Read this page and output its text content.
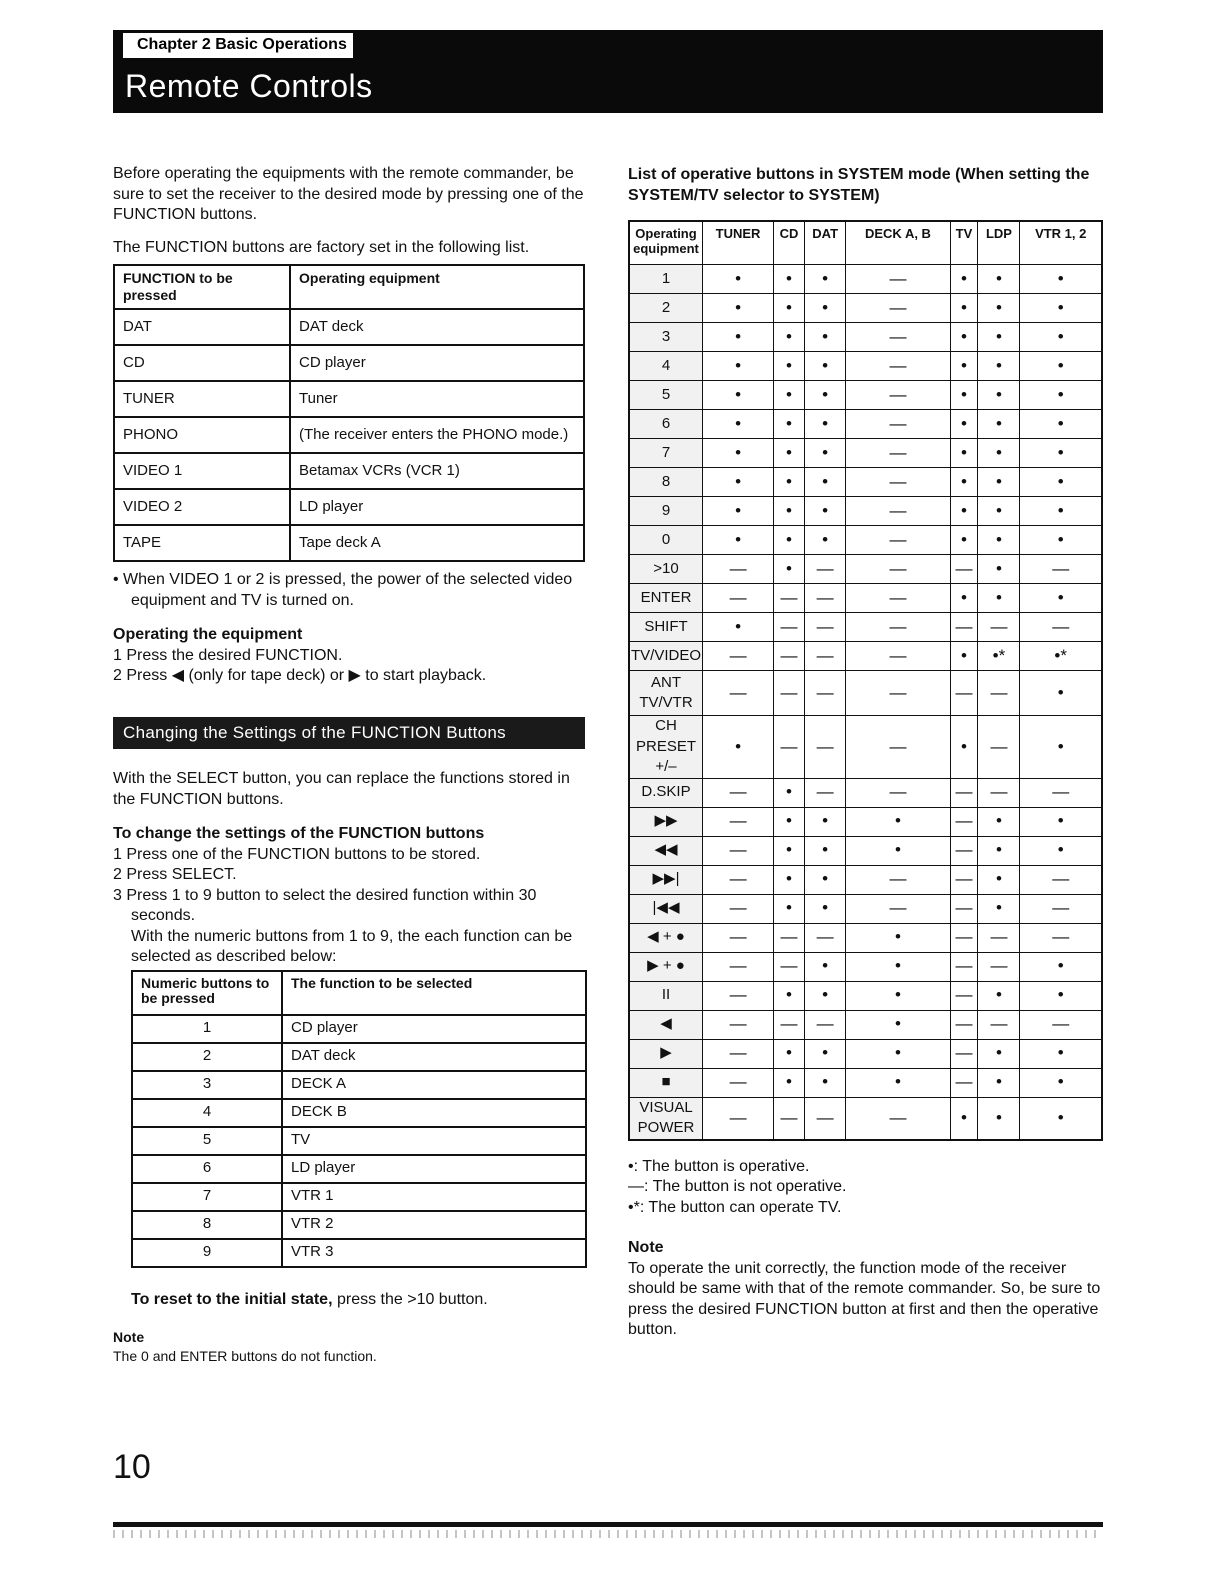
Chapter 2 Basic Operations
Remote Controls

Before operating the equipments with the remote commander, be sure to set the receiver to the desired mode by pressing one of the FUNCTION buttons.

The FUNCTION buttons are factory set in the following list.

FUNCTION to be pressed	Operating equipment
DAT	DAT deck
CD	CD player
TUNER	Tuner
PHONO	(The receiver enters the PHONO mode.)
VIDEO 1	Betamax VCRs (VCR 1)
VIDEO 2	LD player
TAPE	Tape deck A

• When VIDEO 1 or 2 is pressed, the power of the selected video equipment and TV is turned on.

Operating the equipment

1 Press the desired FUNCTION.
2 Press ◀ (only for tape deck) or ▶ to start playback.
Changing the Settings of the FUNCTION Buttons

With the SELECT button, you can replace the functions stored in the FUNCTION buttons.

To change the settings of the FUNCTION buttons

1 Press one of the FUNCTION buttons to be stored.
2 Press SELECT.
3 Press 1 to 9 button to select the desired function within 30 seconds.

With the numeric buttons from 1 to 9, the each function can be selected as described below:

Numeric buttons to be pressed	The function to be selected
1	CD player
2	DAT deck
3	DECK A
4	DECK B
5	TV
6	LD player
7	VTR 1
8	VTR 2
9	VTR 3

To reset to the initial state, press the >10 button.

Note
The 0 and ENTER buttons do not function.

List of operative buttons in SYSTEM mode (When setting the SYSTEM/TV selector to SYSTEM)

Operating equipment	TUNER	CD	DAT	DECK A, B	TV	LDP	VTR 1, 2
1	•	•	•	—	•	•	•
2	•	•	•	—	•	•	•
3	•	•	•	—	•	•	•
4	•	•	•	—	•	•	•
5	•	•	•	—	•	•	•
6	•	•	•	—	•	•	•
7	•	•	•	—	•	•	•
8	•	•	•	—	•	•	•
9	•	•	•	—	•	•	•
0	•	•	•	—	•	•	•
>10	—	•	—	—	—	•	—
ENTER	—	—	—	—	•	•	•
SHIFT	•	—	—	—	—	—	—
TV/VIDEO	—	—	—	—	•	•*	•*
ANT TV/VTR	—	—	—	—	—	—	•
CH PRESET +/–	•	—	—	—	•	—	•
D.SKIP	—	•	—	—	—	—	—
▶▶	—	•	•	•	—	•	•
◀◀	—	•	•	•	—	•	•
▶▶|	—	•	•	—	—	•	—
|◀◀	—	•	•	—	—	•	—
◀ + ●	—	—	—	•	—	—	—
▶ + ●	—	—	•	•	—	—	•
II	—	•	•	•	—	•	•
◀	—	—	—	•	—	—	—
▶	—	•	•	•	—	•	•
■	—	•	•	•	—	•	•
VISUAL POWER	—	—	—	—	•	•	•
•: The button is operative.
—: The button is not operative.
•*: The button can operate TV.

Note

To operate the unit correctly, the function mode of the receiver should be same with that of the remote commander. So, be sure to press the desired FUNCTION button at first and then the operative button.

10
